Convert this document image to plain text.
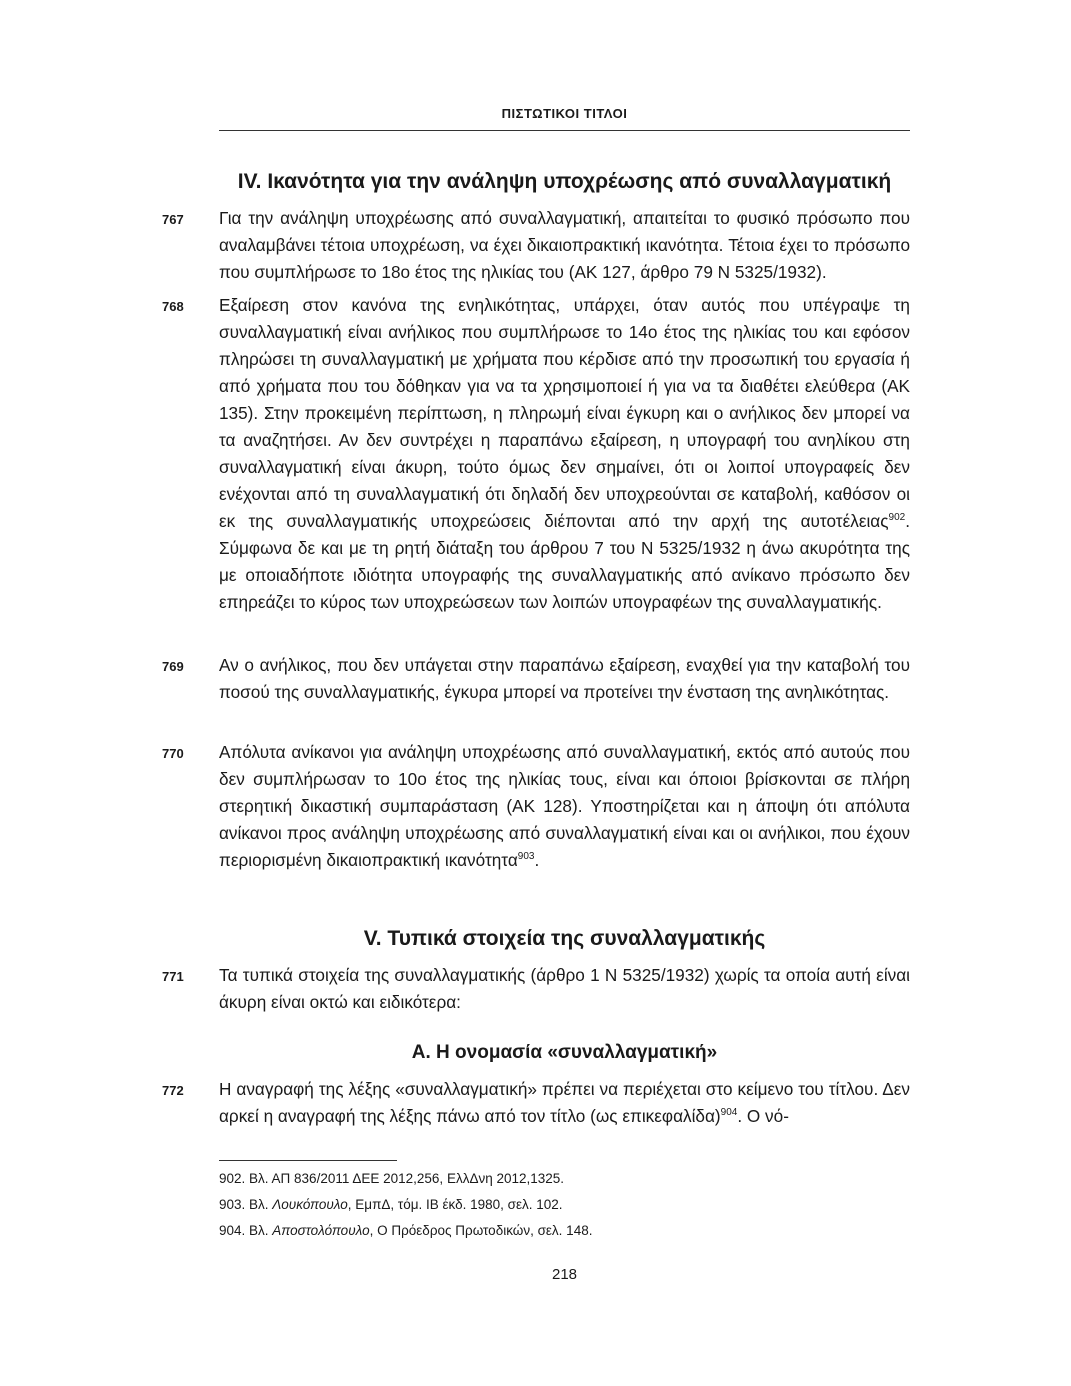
ΠΙΣΤΩΤΙΚΟΙ ΤΙΤΛΟΙ
IV. Ικανότητα για την ανάληψη υποχρέωσης από συναλλαγματική
767	Για την ανάληψη υποχρέωσης από συναλλαγματική, απαιτείται το φυσικό πρόσωπο που αναλαμβάνει τέτοια υποχρέωση, να έχει δικαιοπρακτική ικανότητα. Τέτοια έχει το πρόσωπο που συμπλήρωσε το 18ο έτος της ηλικίας του (ΑΚ 127, άρθρο 79 Ν 5325/1932).
768	Εξαίρεση στον κανόνα της ενηλικότητας, υπάρχει, όταν αυτός που υπέγραψε τη συναλλαγματική είναι ανήλικος που συμπλήρωσε το 14ο έτος της ηλικίας του και εφόσον πληρώσει τη συναλλαγματική με χρήματα που κέρδισε από την προσωπική του εργασία ή από χρήματα που του δόθηκαν για να τα χρησιμοποιεί ή για να τα διαθέτει ελεύθερα (ΑΚ 135). Στην προκειμένη περίπτωση, η πληρωμή είναι έγκυρη και ο ανήλικος δεν μπορεί να τα αναζητήσει. Αν δεν συντρέχει η παραπάνω εξαίρεση, η υπογραφή του ανηλίκου στη συναλλαγματική είναι άκυρη, τούτο όμως δεν σημαίνει, ότι οι λοιποί υπογραφείς δεν ενέχονται από τη συναλλαγματική ότι δηλαδή δεν υποχρεούνται σε καταβολή, καθόσον οι εκ της συναλλαγματικής υποχρεώσεις διέπονται από την αρχή της αυτοτέλειας$^{902}$. Σύμφωνα δε και με τη ρητή διάταξη του άρθρου 7 του Ν 5325/1932 η άνω ακυρότητα της με οποιαδήποτε ιδιότητα υπογραφής της συναλλαγματικής από ανίκανο πρόσωπο δεν επηρεάζει το κύρος των υποχρεώσεων των λοιπών υπογραφέων της συναλλαγματικής.
769	Αν ο ανήλικος, που δεν υπάγεται στην παραπάνω εξαίρεση, εναχθεί για την καταβολή του ποσού της συναλλαγματικής, έγκυρα μπορεί να προτείνει την ένσταση της ανηλικότητας.
770	Απόλυτα ανίκανοι για ανάληψη υποχρέωσης από συναλλαγματική, εκτός από αυτούς που δεν συμπλήρωσαν το 10ο έτος της ηλικίας τους, είναι και όποιοι βρίσκονται σε πλήρη στερητική δικαστική συμπαράσταση (ΑΚ 128). Υποστηρίζεται και η άποψη ότι απόλυτα ανίκανοι προς ανάληψη υποχρέωσης από συναλλαγματική είναι και οι ανήλικοι, που έχουν περιορισμένη δικαιοπρακτική ικανότητα$^{903}$.
V. Τυπικά στοιχεία της συναλλαγματικής
771	Τα τυπικά στοιχεία της συναλλαγματικής (άρθρο 1 Ν 5325/1932) χωρίς τα οποία αυτή είναι άκυρη είναι οκτώ και ειδικότερα:
Α. Η ονομασία «συναλλαγματική»
772	Η αναγραφή της λέξης «συναλλαγματική» πρέπει να περιέχεται στο κείμενο του τίτλου. Δεν αρκεί η αναγραφή της λέξης πάνω από τον τίτλο (ως επικεφαλίδα)$^{904}$. Ο νό-
902. Βλ. ΑΠ 836/2011 ΔΕΕ 2012,256, ΕλλΔνη 2012,1325.
903. Βλ. Λουκόπουλο, ΕμπΔ, τόμ. ΙΒ έκδ. 1980, σελ. 102.
904. Βλ. Αποστολόπουλο, Ο Πρόεδρος Πρωτοδικών, σελ. 148.
218
